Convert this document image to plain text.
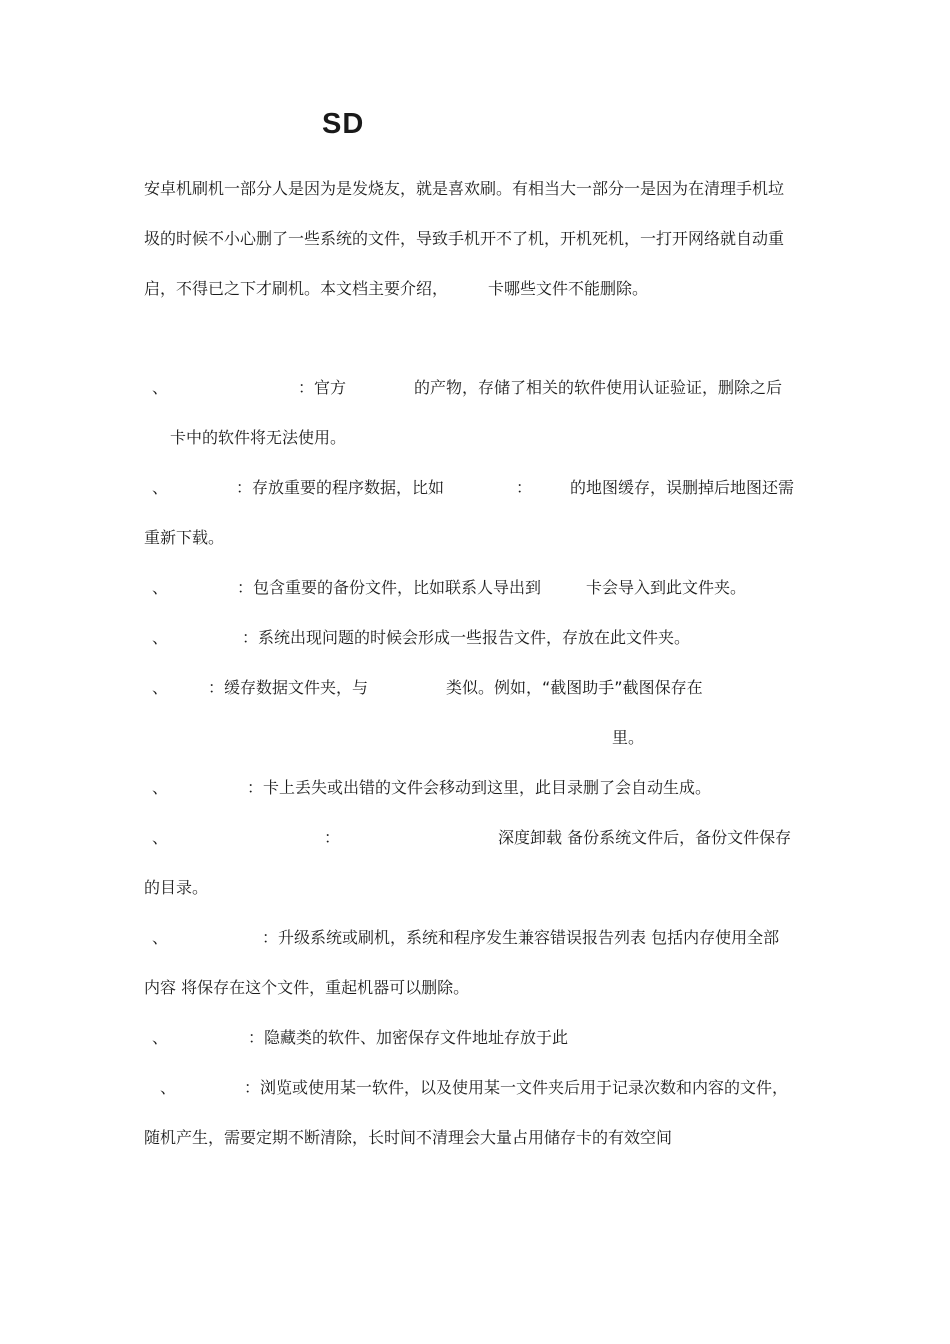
SD

安卓机刷机一部分人是因为是发烧友，就是喜欢刷。有相当大一部分一是因为在清理手机垃

圾的时候不小心删了一些系统的文件，导致手机开不了机，开机死机，一打开网络就自动重

启，不得已之下才刷机。本文档主要介绍， 卡哪些文件不能删除。

、	：官方	的产物，存储了相关的软件使用认证验证，删除之后

卡中的软件将无法使用。

、	：存放重要的程序数据，比如	： 的地图缓存，误删掉后地图还需

重新下载。

、	：包含重要的备份文件，比如联系人导出到	卡会导入到此文件夹。

、	：系统出现问题的时候会形成一些报告文件，存放在此文件夹。

、 ：缓存数据文件夹，与	类似。例如，“截图助手”截图保存在

里。

、	：卡上丢失或出错的文件会移动到这里，此目录删了会自动生成。

、	：	深度卸载 备份系统文件后，备份文件保存

的目录。

、	：升级系统或刷机，系统和程序发生兼容错误报告列表 包括内存使用全部

内容 将保存在这个文件，重起机器可以删除。

、	：隐藏类的软件、加密保存文件地址存放于此

、	：浏览或使用某一软件，以及使用某一文件夹后用于记录次数和内容的文件，

随机产生，需要定期不断清除，长时间不清理会大量占用储存卡的有效空间
